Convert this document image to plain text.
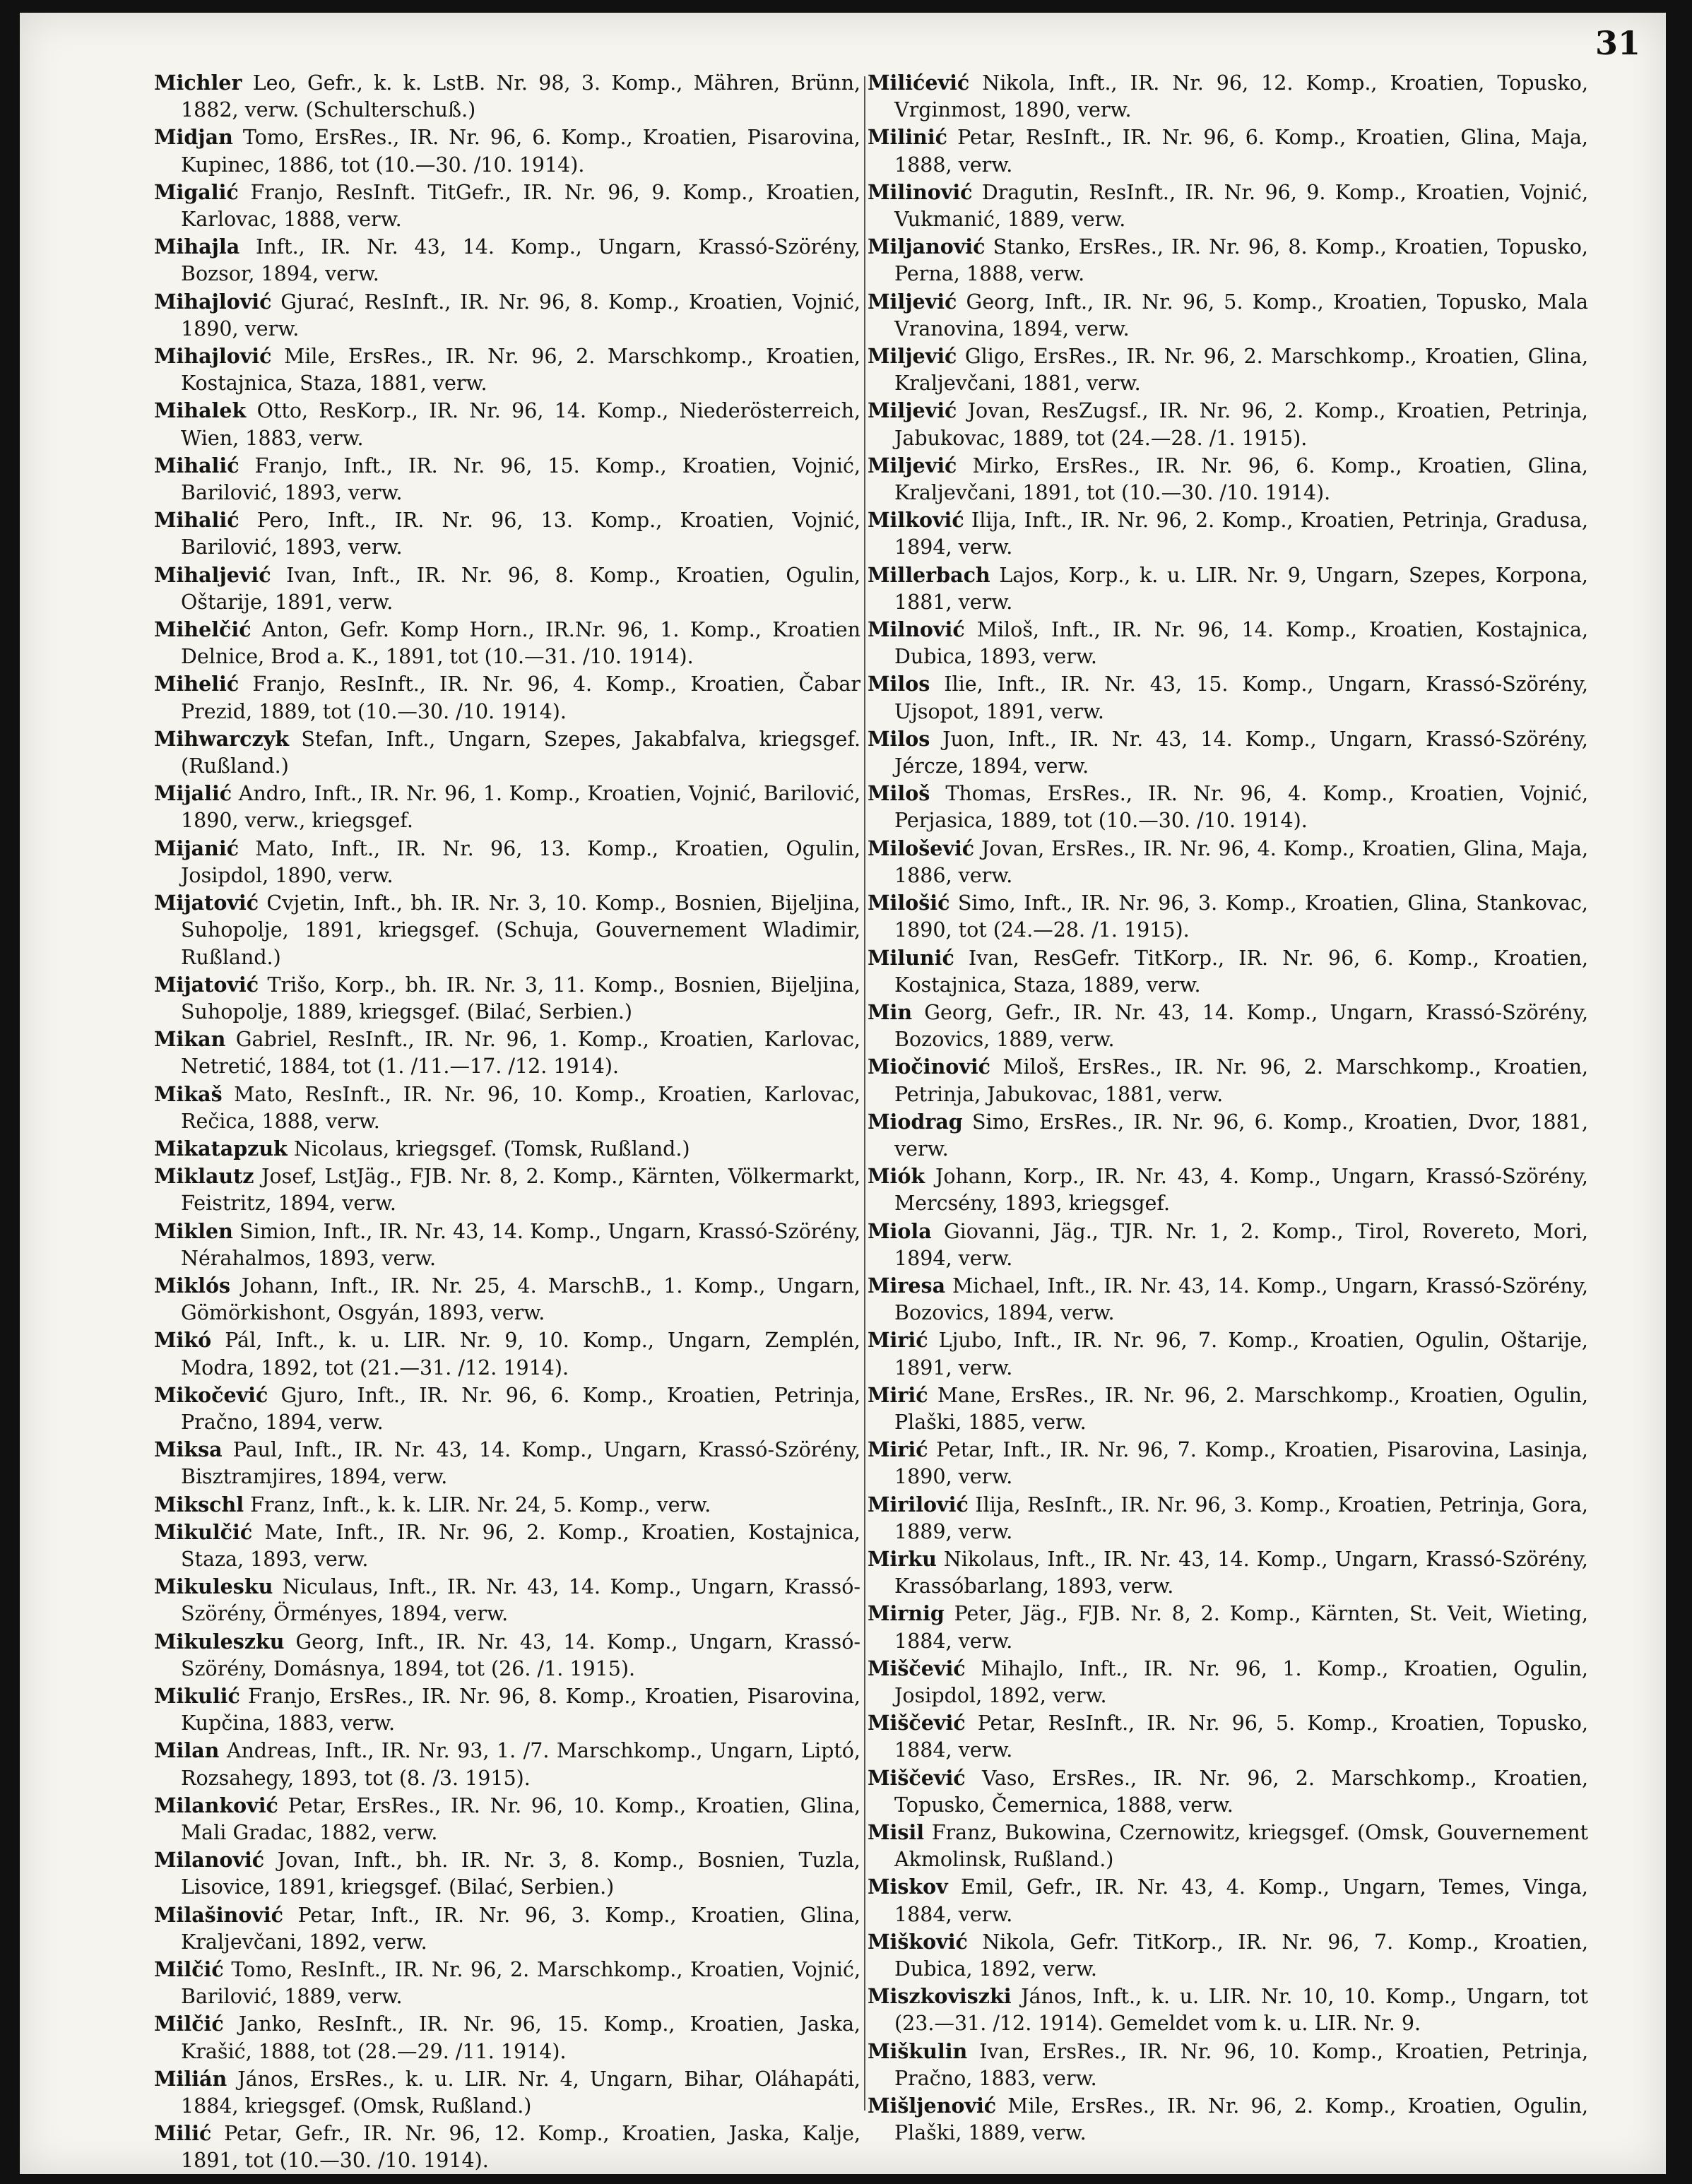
31
Michler Leo, Gefr., k. k. LstB. Nr. 98, 3. Komp., Mähren, Brünn, 1882, verw. (Schulterschuß.)
Midjan Tomo, ErsRes., IR. Nr. 96, 6. Komp., Kroatien, Pisarovina, Kupinec, 1886, tot (10.—30. /10. 1914).
Migalić Franjo, ResInft. TitGefr., IR. Nr. 96, 9. Komp., Kroatien, Karlovac, 1888, verw.
Mihajla Inft., IR. Nr. 43, 14. Komp., Ungarn, Krassó-Szörény, Bozsor, 1894, verw.
Mihajlović Gjurać, ResInft., IR. Nr. 96, 8. Komp., Kroatien, Vojnić, 1890, verw.
Mihajlović Mile, ErsRes., IR. Nr. 96, 2. Marschkomp., Kroatien, Kostajnica, Staza, 1881, verw.
Mihalek Otto, ResKorp., IR. Nr. 96, 14. Komp., Niederösterreich, Wien, 1883, verw.
Mihalić Franjo, Inft., IR. Nr. 96, 15. Komp., Kroatien, Vojnić, Barilović, 1893, verw.
Mihalić Pero, Inft., IR. Nr. 96, 13. Komp., Kroatien, Vojnić, Barilović, 1893, verw.
Mihaljević Ivan, Inft., IR. Nr. 96, 8. Komp., Kroatien, Ogulin, Oštarije, 1891, verw.
Mihelčić Anton, Gefr. Komp Horn., IR.Nr. 96, 1. Komp., Kroatien Delnice, Brod a. K., 1891, tot (10.—31. /10. 1914).
Mihelić Franjo, ResInft., IR. Nr. 96, 4. Komp., Kroatien, Čabar Prezid, 1889, tot (10.—30. /10. 1914).
Mihwarczyk Stefan, Inft., Ungarn, Szepes, Jakabfalva, kriegsgef. (Rußland.)
Mijalić Andro, Inft., IR. Nr. 96, 1. Komp., Kroatien, Vojnić, Barilović, 1890, verw., kriegsgef.
Mijanić Mato, Inft., IR. Nr. 96, 13. Komp., Kroatien, Ogulin, Josipdol, 1890, verw.
Mijatović Cvjetin, Inft., bh. IR. Nr. 3, 10. Komp., Bosnien, Bijeljina, Suhopolje, 1891, kriegsgef. (Schuja, Gouvernement Wladimir, Rußland.)
Mijatović Trišo, Korp., bh. IR. Nr. 3, 11. Komp., Bosnien, Bijeljina, Suhopolje, 1889, kriegsgef. (Bilać, Serbien.)
Mikan Gabriel, ResInft., IR. Nr. 96, 1. Komp., Kroatien, Karlovac, Netretić, 1884, tot (1. /11.—17. /12. 1914).
Mikaš Mato, ResInft., IR. Nr. 96, 10. Komp., Kroatien, Karlovac, Rečica, 1888, verw.
Mikatapzuk Nicolaus, kriegsgef. (Tomsk, Rußland.)
Miklautz Josef, LstJäg., FJB. Nr. 8, 2. Komp., Kärnten, Völkermarkt, Feistritz, 1894, verw.
Miklen Simion, Inft., IR. Nr. 43, 14. Komp., Ungarn, Krassó-Szörény, Nérahalmos, 1893, verw.
Miklós Johann, Inft., IR. Nr. 25, 4. MarschB., 1. Komp., Ungarn, Gömörkishont, Osgyán, 1893, verw.
Mikó Pál, Inft., k. u. LIR. Nr. 9, 10. Komp., Ungarn, Zemplén, Modra, 1892, tot (21.—31. /12. 1914).
Mikočević Gjuro, Inft., IR. Nr. 96, 6. Komp., Kroatien, Petrinja, Pračno, 1894, verw.
Miksa Paul, Inft., IR. Nr. 43, 14. Komp., Ungarn, Krassó-Szörény, Bisztramjires, 1894, verw.
Mikschl Franz, Inft., k. k. LIR. Nr. 24, 5. Komp., verw.
Mikulčić Mate, Inft., IR. Nr. 96, 2. Komp., Kroatien, Kostajnica, Staza, 1893, verw.
Mikulesku Niculaus, Inft., IR. Nr. 43, 14. Komp., Ungarn, Krassó-Szörény, Örményes, 1894, verw.
Mikuleszku Georg, Inft., IR. Nr. 43, 14. Komp., Ungarn, Krassó-Szörény, Domásnya, 1894, tot (26. /1. 1915).
Mikulić Franjo, ErsRes., IR. Nr. 96, 8. Komp., Kroatien, Pisarovina, Kupčina, 1883, verw.
Milan Andreas, Inft., IR. Nr. 93, 1. /7. Marschkomp., Ungarn, Liptó, Rozsahegy, 1893, tot (8. /3. 1915).
Milanković Petar, ErsRes., IR. Nr. 96, 10. Komp., Kroatien, Glina, Mali Gradac, 1882, verw.
Milanović Jovan, Inft., bh. IR. Nr. 3, 8. Komp., Bosnien, Tuzla, Lisovice, 1891, kriegsgef. (Bilać, Serbien.)
Milašinović Petar, Inft., IR. Nr. 96, 3. Komp., Kroatien, Glina, Kraljevčani, 1892, verw.
Milčić Tomo, ResInft., IR. Nr. 96, 2. Marschkomp., Kroatien, Vojnić, Barilović, 1889, verw.
Milčić Janko, ResInft., IR. Nr. 96, 15. Komp., Kroatien, Jaska, Krašić, 1888, tot (28.—29. /11. 1914).
Milián János, ErsRes., k. u. LIR. Nr. 4, Ungarn, Bihar, Oláhapáti, 1884, kriegsgef. (Omsk, Rußland.)
Milić Petar, Gefr., IR. Nr. 96, 12. Komp., Kroatien, Jaska, Kalje, 1891, tot (10.—30. /10. 1914).
Milićević Nikola, Inft., IR. Nr. 96, 12. Komp., Kroatien, Topusko, Vrginmost, 1890, verw.
Milinić Petar, ResInft., IR. Nr. 96, 6. Komp., Kroatien, Glina, Maja, 1888, verw.
Milinović Dragutin, ResInft., IR. Nr. 96, 9. Komp., Kroatien, Vojnić, Vukmanić, 1889, verw.
Miljanović Stanko, ErsRes., IR. Nr. 96, 8. Komp., Kroatien, Topusko, Perna, 1888, verw.
Miljević Georg, Inft., IR. Nr. 96, 5. Komp., Kroatien, Topusko, Mala Vranovina, 1894, verw.
Miljević Gligo, ErsRes., IR. Nr. 96, 2. Marschkomp., Kroatien, Glina, Kraljevčani, 1881, verw.
Miljević Jovan, ResZugsf., IR. Nr. 96, 2. Komp., Kroatien, Petrinja, Jabukovac, 1889, tot (24.—28. /1. 1915).
Miljević Mirko, ErsRes., IR. Nr. 96, 6. Komp., Kroatien, Glina, Kraljevčani, 1891, tot (10.—30. /10. 1914).
Milković Ilija, Inft., IR. Nr. 96, 2. Komp., Kroatien, Petrinja, Gradusa, 1894, verw.
Millerbach Lajos, Korp., k. u. LIR. Nr. 9, Ungarn, Szepes, Korpona, 1881, verw.
Milnović Miloš, Inft., IR. Nr. 96, 14. Komp., Kroatien, Kostajnica, Dubica, 1893, verw.
Milos Ilie, Inft., IR. Nr. 43, 15. Komp., Ungarn, Krassó-Szörény, Ujsopot, 1891, verw.
Milos Juon, Inft., IR. Nr. 43, 14. Komp., Ungarn, Krassó-Szörény, Jércze, 1894, verw.
Miloš Thomas, ErsRes., IR. Nr. 96, 4. Komp., Kroatien, Vojnić, Perjasica, 1889, tot (10.—30. /10. 1914).
Milošević Jovan, ErsRes., IR. Nr. 96, 4. Komp., Kroatien, Glina, Maja, 1886, verw.
Milošić Simo, Inft., IR. Nr. 96, 3. Komp., Kroatien, Glina, Stankovac, 1890, tot (24.—28. /1. 1915).
Milunić Ivan, ResGefr. TitKorp., IR. Nr. 96, 6. Komp., Kroatien, Kostajnica, Staza, 1889, verw.
Min Georg, Gefr., IR. Nr. 43, 14. Komp., Ungarn, Krassó-Szörény, Bozovics, 1889, verw.
Miočinović Miloš, ErsRes., IR. Nr. 96, 2. Marschkomp., Kroatien, Petrinja, Jabukovac, 1881, verw.
Miodrag Simo, ErsRes., IR. Nr. 96, 6. Komp., Kroatien, Dvor, 1881, verw.
Miók Johann, Korp., IR. Nr. 43, 4. Komp., Ungarn, Krassó-Szörény, Mercsény, 1893, kriegsgef.
Miola Giovanni, Jäg., TJR. Nr. 1, 2. Komp., Tirol, Rovereto, Mori, 1894, verw.
Miresa Michael, Inft., IR. Nr. 43, 14. Komp., Ungarn, Krassó-Szörény, Bozovics, 1894, verw.
Mirić Ljubo, Inft., IR. Nr. 96, 7. Komp., Kroatien, Ogulin, Oštarije, 1891, verw.
Mirić Mane, ErsRes., IR. Nr. 96, 2. Marschkomp., Kroatien, Ogulin, Plaški, 1885, verw.
Mirić Petar, Inft., IR. Nr. 96, 7. Komp., Kroatien, Pisarovina, Lasinja, 1890, verw.
Mirilović Ilija, ResInft., IR. Nr. 96, 3. Komp., Kroatien, Petrinja, Gora, 1889, verw.
Mirku Nikolaus, Inft., IR. Nr. 43, 14. Komp., Ungarn, Krassó-Szörény, Krassóbarlang, 1893, verw.
Mirnig Peter, Jäg., FJB. Nr. 8, 2. Komp., Kärnten, St. Veit, Wieting, 1884, verw.
Miščević Mihajlo, Inft., IR. Nr. 96, 1. Komp., Kroatien, Ogulin, Josipdol, 1892, verw.
Miščević Petar, ResInft., IR. Nr. 96, 5. Komp., Kroatien, Topusko, 1884, verw.
Miščević Vaso, ErsRes., IR. Nr. 96, 2. Marschkomp., Kroatien, Topusko, Čemernica, 1888, verw.
Misil Franz, Bukowina, Czernowitz, kriegsgef. (Omsk, Gouvernement Akmolinsk, Rußland.)
Miskov Emil, Gefr., IR. Nr. 43, 4. Komp., Ungarn, Temes, Vinga, 1884, verw.
Mišković Nikola, Gefr. TitKorp., IR. Nr. 96, 7. Komp., Kroatien, Dubica, 1892, verw.
Miszkoviszki János, Inft., k. u. LIR. Nr. 10, 10. Komp., Ungarn, tot (23.—31. /12. 1914). Gemeldet vom k. u. LIR. Nr. 9.
Miškulin Ivan, ErsRes., IR. Nr. 96, 10. Komp., Kroatien, Petrinja, Pračno, 1883, verw.
Mišljenović Mile, ErsRes., IR. Nr. 96, 2. Komp., Kroatien, Ogulin, Plaški, 1889, verw.
